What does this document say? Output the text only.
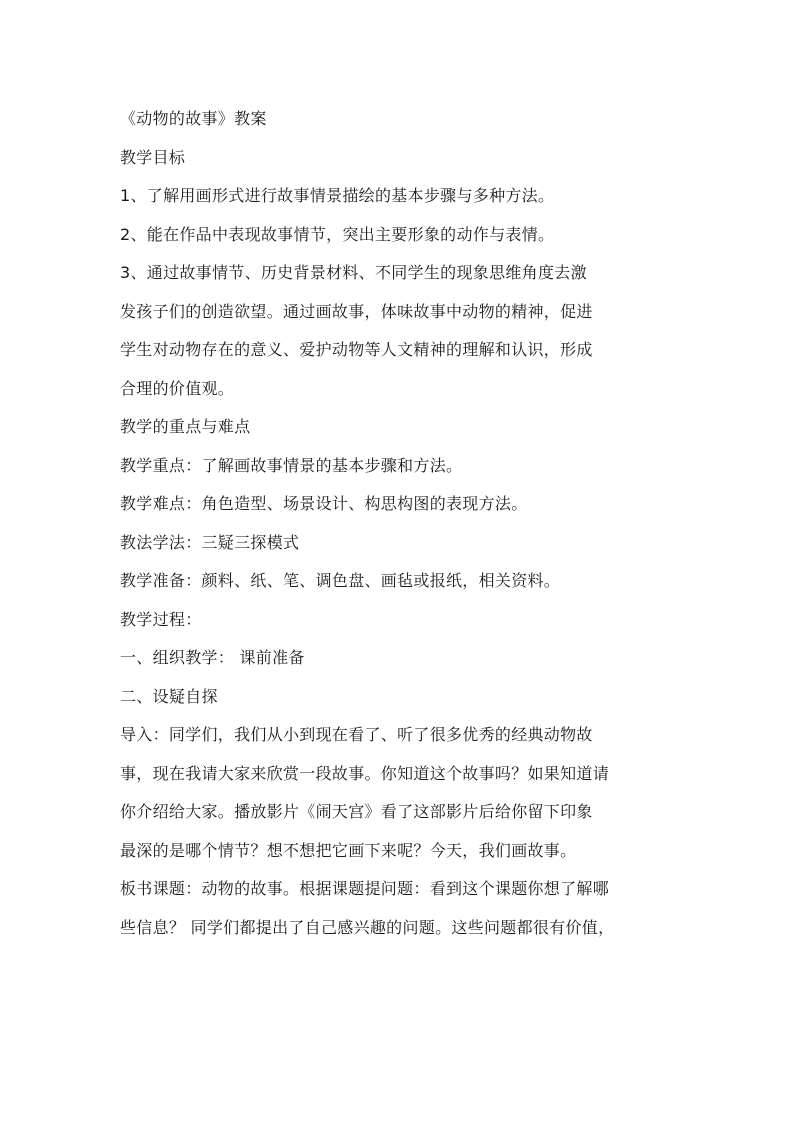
《动物的故事》教案
教学目标
1、了解用画形式进行故事情景描绘的基本步骤与多种方法。
2、能在作品中表现故事情节，突出主要形象的动作与表情。
3、通过故事情节、历史背景材料、不同学生的现象思维角度去激
发孩子们的创造欲望。通过画故事，体味故事中动物的精神，促进
学生对动物存在的意义、爱护动物等人文精神的理解和认识，形成
合理的价值观。
教学的重点与难点
教学重点：了解画故事情景的基本步骤和方法。
教学难点：角色造型、场景设计、构思构图的表现方法。
教法学法：三疑三探模式
教学准备：颜料、纸、笔、调色盘、画毡或报纸，相关资料。
教学过程：
一、组织教学： 课前准备
二、设疑自探
导入：同学们，我们从小到现在看了、听了很多优秀的经典动物故
事，现在我请大家来欣赏一段故事。你知道这个故事吗？如果知道请
你介绍给大家。播放影片《闹天宫》看了这部影片后给你留下印象
最深的是哪个情节？想不想把它画下来呢？今天，我们画故事。
板书课题：动物的故事。根据课题提问题：看到这个课题你想了解哪
些信息？ 同学们都提出了自己感兴趣的问题。这些问题都很有价值，
